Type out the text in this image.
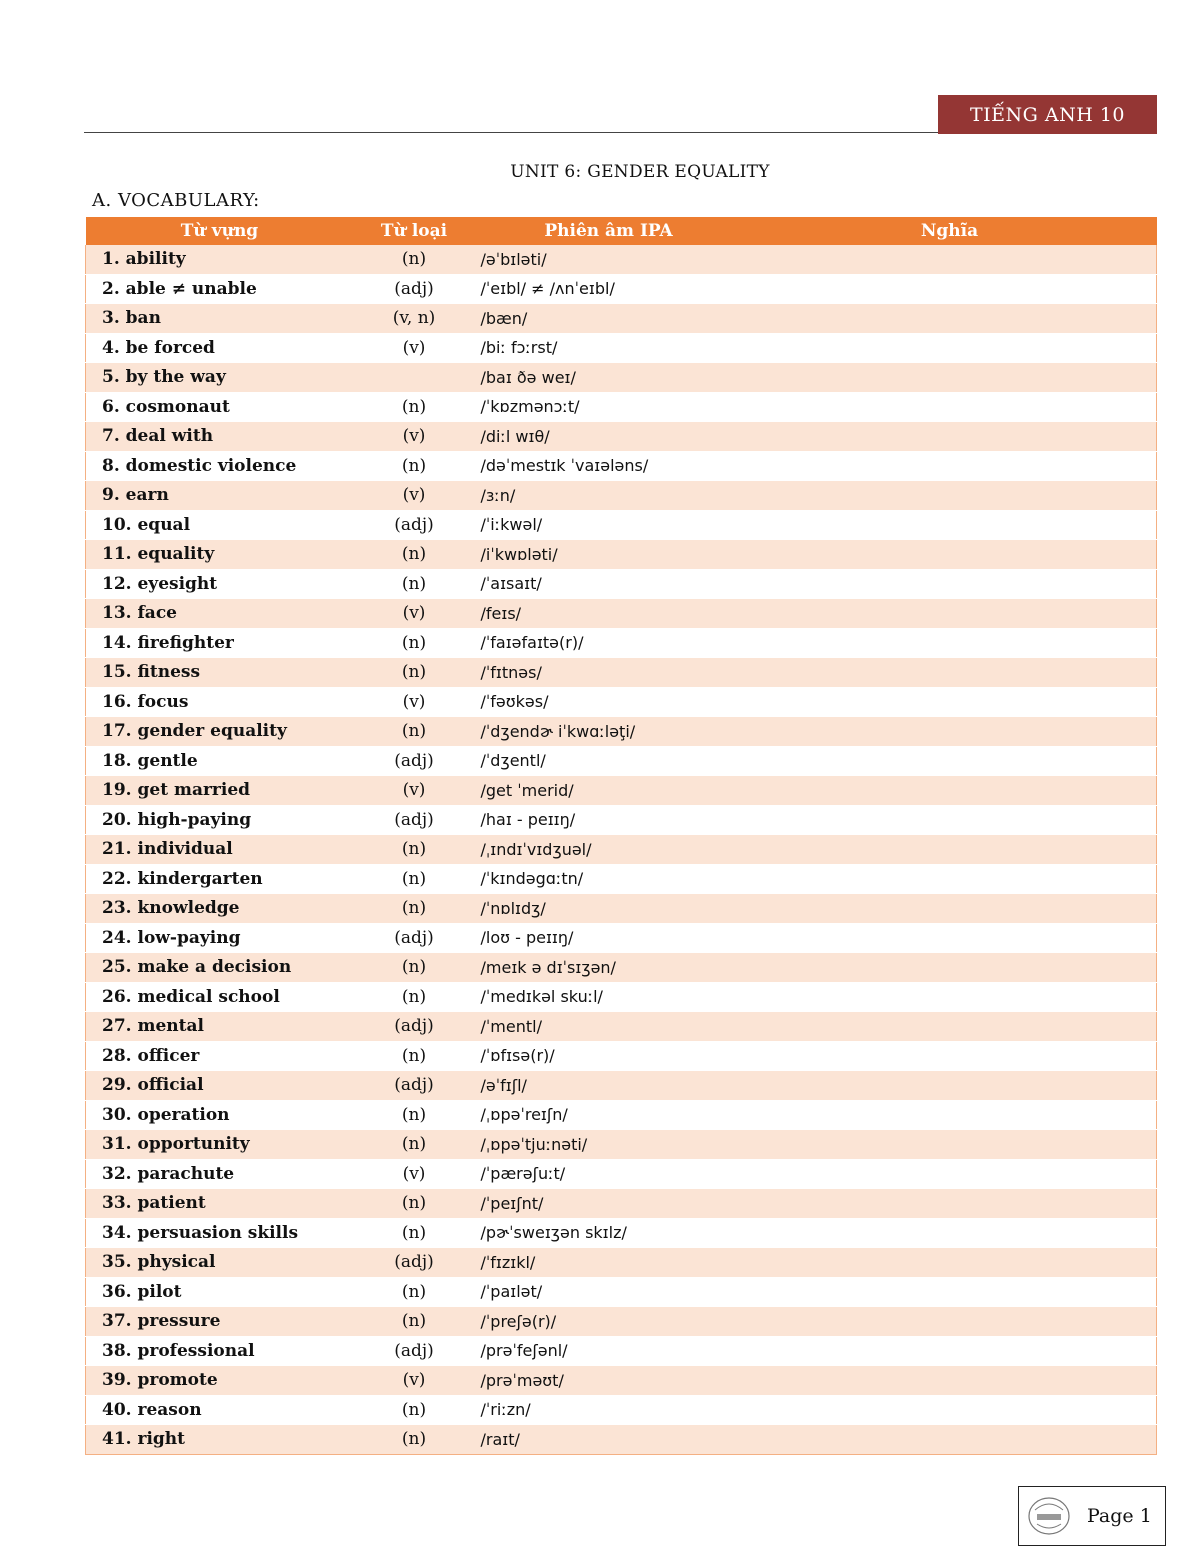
TIẾNG ANH 10
UNIT 6: GENDER EQUALITY
A. VOCABULARY:
Từ vựng	Từ loại	Phiên âm IPA	Nghĩa
1. ability	(n)	/əˈbɪləti/	
2. able ≠ unable	(adj)	/ˈeɪbl/ ≠ /ʌnˈeɪbl/	
3. ban	(v, n)	/bæn/	
4. be forced	(v)	/biː fɔːrst/	
5. by the way		/baɪ ðə weɪ/	
6. cosmonaut	(n)	/ˈkɒzmənɔːt/	
7. deal with	(v)	/diːl wɪθ/	
8. domestic violence	(n)	/dəˈmestɪk ˈvaɪələns/	
9. earn	(v)	/ɜːn/	
10. equal	(adj)	/ˈiːkwəl/	
11. equality	(n)	/iˈkwɒləti/	
12. eyesight	(n)	/ˈaɪsaɪt/	
13. face	(v)	/feɪs/	
14. firefighter	(n)	/ˈfaɪəfaɪtə(r)/	
15. fitness	(n)	/ˈfɪtnəs/	
16. focus	(v)	/ˈfəʊkəs/	
17. gender equality	(n)	/ˈdʒendɚ iˈkwɑːləţi/	
18. gentle	(adj)	/ˈdʒentl/	
19. get married	(v)	/get ˈmerid/	
20. high-paying	(adj)	/haɪ - peɪɪŋ/	
21. individual	(n)	/ˌɪndɪˈvɪdʒuəl/	
22. kindergarten	(n)	/ˈkɪndəgɑːtn/	
23. knowledge	(n)	/ˈnɒlɪdʒ/	
24. low-paying	(adj)	/loʊ - peɪɪŋ/	
25. make a decision	(n)	/meɪk ə dɪˈsɪʒən/	
26. medical school	(n)	/ˈmedɪkəl skuːl/	
27. mental	(adj)	/ˈmentl/	
28. officer	(n)	/ˈɒfɪsə(r)/	
29. official	(adj)	/əˈfɪʃl/	
30. operation	(n)	/ˌɒpəˈreɪʃn/	
31. opportunity	(n)	/ˌɒpəˈtjuːnəti/	
32. parachute	(v)	/ˈpærəʃuːt/	
33. patient	(n)	/ˈpeɪʃnt/	
34. persuasion skills	(n)	/pɚˈsweɪʒən skɪlz/	
35. physical	(adj)	/ˈfɪzɪkl/	
36. pilot	(n)	/ˈpaɪlət/	
37. pressure	(n)	/ˈpreʃə(r)/	
38. professional	(adj)	/prəˈfeʃənl/	
39. promote	(v)	/prəˈməʊt/	
40. reason	(n)	/ˈriːzn/	
41. right	(n)	/raɪt/	
Page 1
